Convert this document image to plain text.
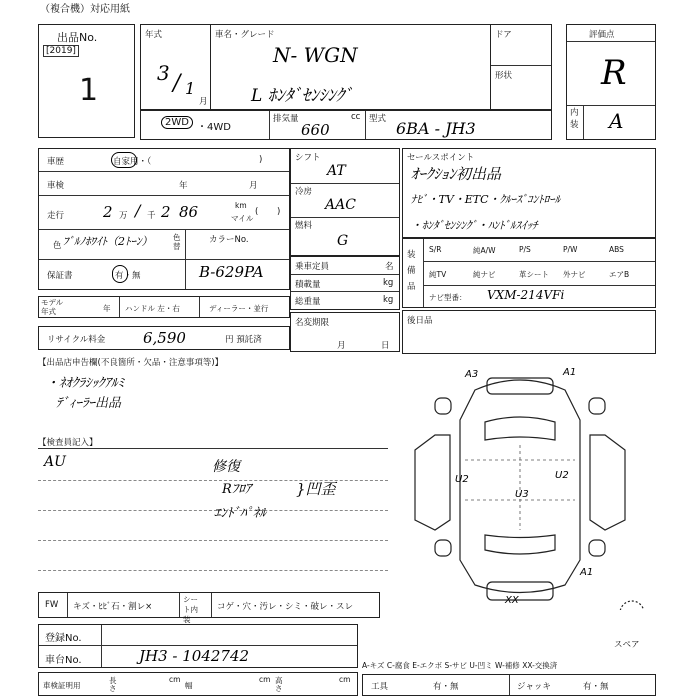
（複合機）対応用紙
出品No.
[2019]
1
年式
3 / 1
月
車名・グレード
N- WGN
L ﾎﾝﾀﾞｾﾝｼﾝｸﾞ
ドア
形状
評価点
R
内装 A
2WD ・4WD
排気量	cc
660
型式 6BA - JH3
車歴	自家用・（	)
車検	年	月
走行	2 万 / 千 2 86	km
マイル
( )
色 ﾌﾞﾙﾉﾎﾜｲﾄ（2ﾄｰﾝ）	色替
カラーNo.
保証書	有・無	B-629PA
モデル年式	年 ハンドル 左・右	ディーラー・並行
リサイクル料金	6,590	円 預託済
シフト
AT
冷房
AAC
燃料
G
乗車定員	名
積載量	kg
総重量	kg
名変期限
月	日
セールスポイント
ｵｰｸｼｮﾝ初出品
ﾅﾋﾞ・TV・ETC・ｸﾙｰｽﾞｺﾝﾄﾛｰﾙ
・ﾎﾝﾀﾞｾﾝｼﾝｸﾞ・ﾊﾝﾄﾞﾙｽｲｯﾁ
装備品
ナビ型番： VXM-214VFi
S/R	純A/W	P/S	P/W	ABS
純TV	純ナビ	革シート 外ナビ	エアB
後日品
【出品店申告欄(不良箇所・欠品・注意事項等)】
・ﾈｵｸﾗｼｯｸｱﾙﾐ
ﾃﾞｨｰﾗｰ出品
【検査員記入】
AU	修復
Rﾌﾛｱ
ｴﾝﾄﾞﾊﾟﾈﾙ
}凹歪
A3	A1
U2
U3
U2
A1
XX
スペア
FW キズ・ﾋﾋﾞ石・割レ×
シート内装
コゲ・穴・汚レ・シミ・破レ・スレ
登録No.
車台No.	JH3 - 1042742
A-キズ C-腐食 E-エクボ S-サビ U-凹ミ W-補修 XX-交換済
車検証明用
長さ
cm
幅
cm 高さ
cm
工具	有・無	ジャッキ	有・無
